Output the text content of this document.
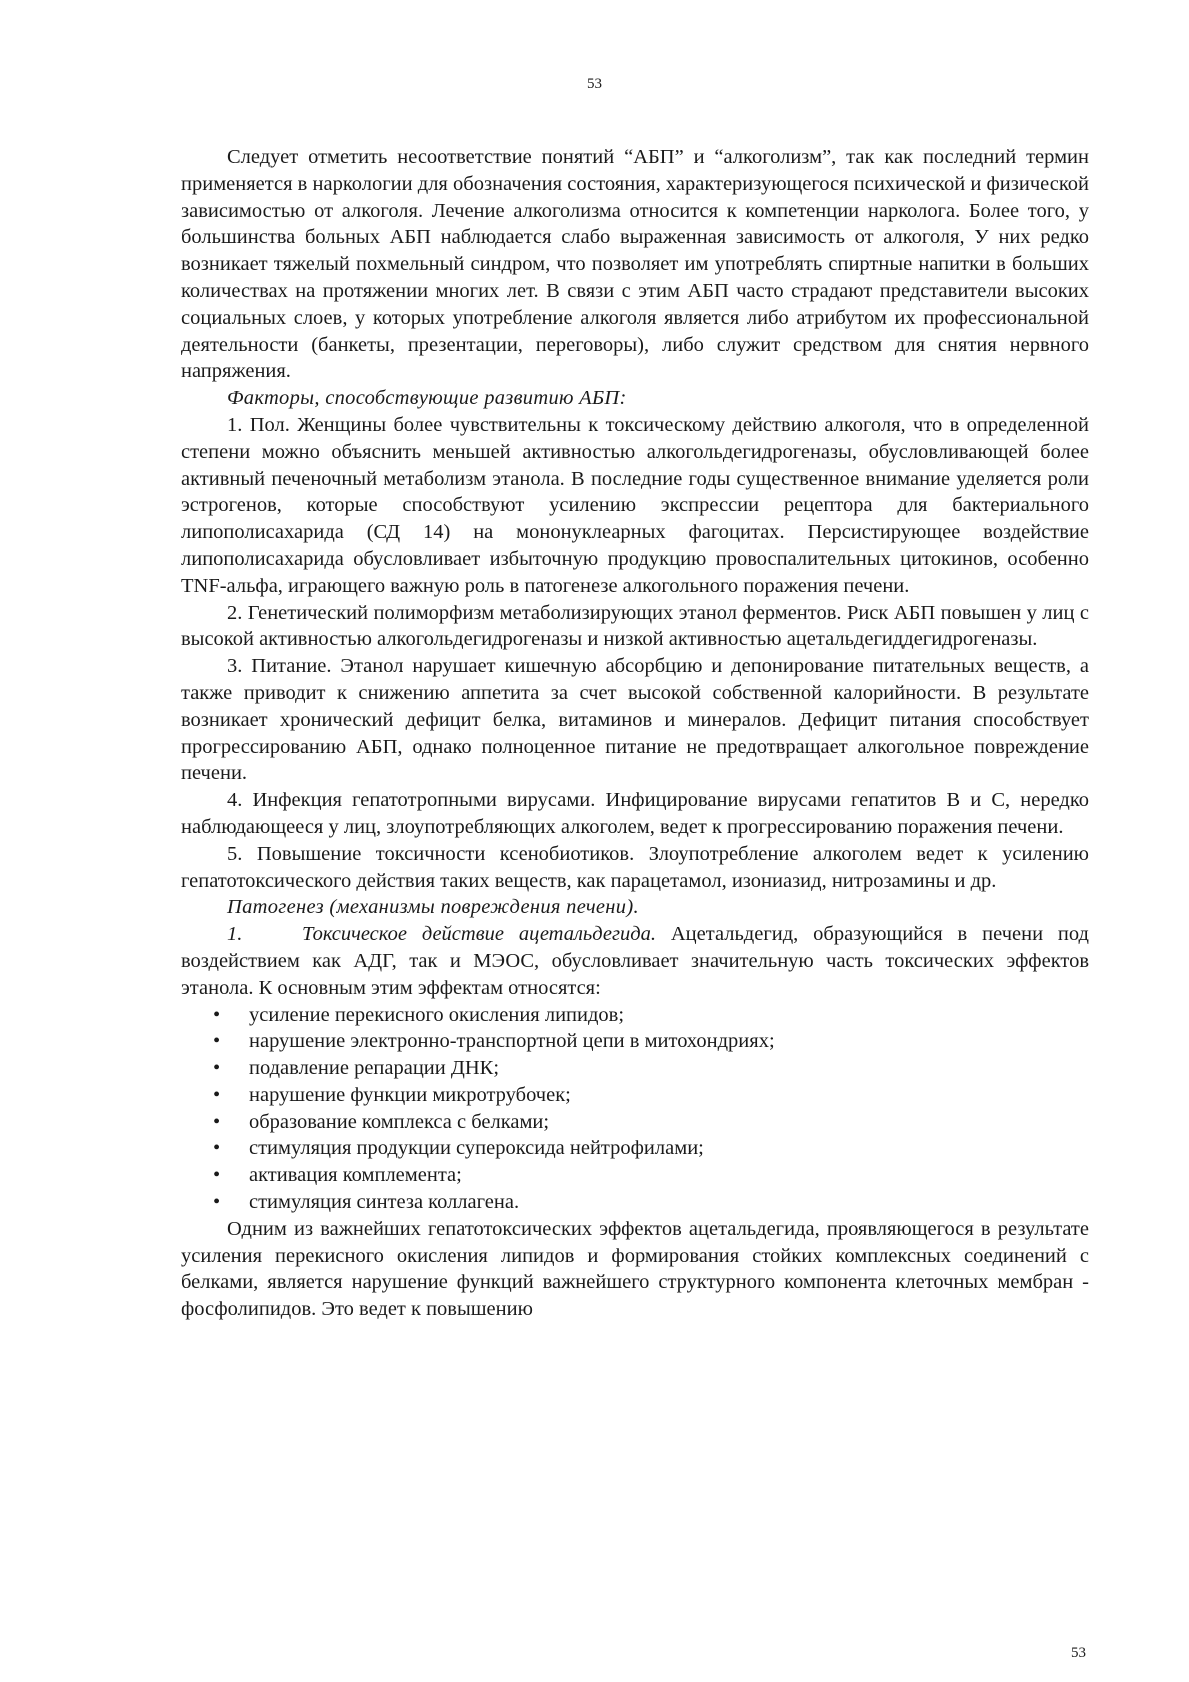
53

Следует отметить несоответствие понятий “АБП” и “алкоголизм”, так как последний термин применяется в наркологии для обозначения состояния, характеризующегося психической и физической зависимостью от алкоголя. Лечение алкоголизма относится к компетенции нарколога. Более того, у большинства больных АБП наблюдается слабо выраженная зависимость от алкоголя, У них редко возникает тяжелый похмельный синдром, что позволяет им употреблять спиртные напитки в больших количествах на протяжении многих лет. В связи с этим АБП часто страдают представители высоких социальных слоев, у которых употребление алкоголя является либо атрибутом их профессиональной деятельности (банкеты, презентации, переговоры), либо служит средством для снятия нервного напряжения.

Факторы, способствующие развитию АБП:

1. Пол. Женщины более чувствительны к токсическому действию алкоголя, что в определенной степени можно объяснить меньшей активностью алкогольдегидрогеназы, обусловливающей более активный печеночный метаболизм этанола. В последние годы существенное внимание уделяется роли эстрогенов, которые способствуют усилению экспрессии рецептора для бактериального липополисахарида (СД 14) на мононуклеарных фагоцитах. Персистирующее воздействие липополисахарида обусловливает избыточную продукцию провоспалительных цитокинов, особенно TNF-альфа, играющего важную роль в патогенезе алкогольного поражения печени.

2. Генетический полиморфизм метаболизирующих этанол ферментов. Риск АБП повышен у лиц с высокой активностью алкогольдегидрогеназы и низкой активностью ацетальдегиддегидрогеназы.

3. Питание. Этанол нарушает кишечную абсорбцию и депонирование питательных веществ, а также приводит к снижению аппетита за счет высокой собственной калорийности. В результате возникает хронический дефицит белка, витаминов и минералов. Дефицит питания способствует прогрессированию АБП, однако полноценное питание не предотвращает алкогольное повреждение печени.

4. Инфекция гепатотропными вирусами. Инфицирование вирусами гепатитов В и С, нередко наблюдающееся у лиц, злоупотребляющих алкоголем, ведет к прогрессированию поражения печени.

5. Повышение токсичности ксенобиотиков. Злоупотребление алкоголем ведет к усилению гепатотоксического действия таких веществ, как парацетамол, изониазид, нитрозамины и др.

Патогенез (механизмы повреждения печени).

1.	Токсическое действие ацетальдегида. Ацетальдегид, образующийся в печени под воздействием как АДГ, так и МЭОС, обусловливает значительную часть токсических эффектов этанола. К основным этим эффектам относятся:

• усиление перекисного окисления липидов;
• нарушение электронно-транспортной цепи в митохондриях;
• подавление репарации ДНК;
• нарушение функции микротрубочек;
• образование комплекса с белками;
• стимуляция продукции супероксида нейтрофилами;
• активация комплемента;
• стимуляция синтеза коллагена.

Одним из важнейших гепатотоксических эффектов ацетальдегида, проявляющегося в результате усиления перекисного окисления липидов и формирования стойких комплексных соединений с белками, является нарушение функций важнейшего структурного компонента клеточных мембран - фосфолипидов. Это ведет к повышению

53
